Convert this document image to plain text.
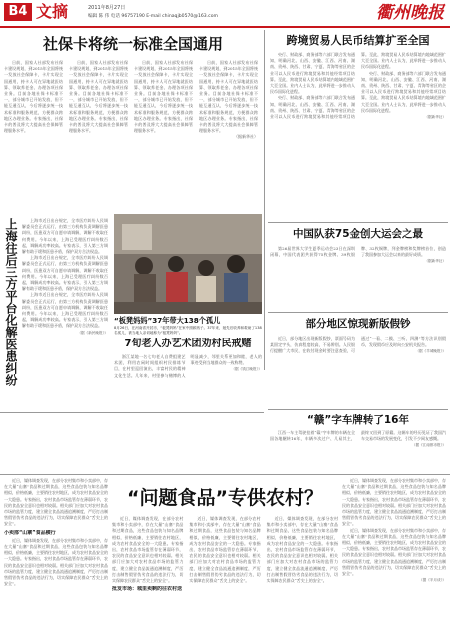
B4 文摘	2011年8月27日
编辑 陈 伟 电话 96757190 E-mail chinaqjb0570@163.com	衢州晚报
社保卡将统一标准全国通用

日前，国家人社部发布社保卡建设规划，到2015年全国将统一发放社会保障卡，卡片实现全国通用，持卡人可在异地就医结算、领取养老金、办理各项社保业务。目前各地社保卡标准不一，部分城市已开始发放，但不能互通互认，今后将逐步统一技术标准和服务规范，方便群众跨地区办理业务。专家指出，社保卡的普及将大大提高社会保障管理服务水平。

日前，国家人社部发布社保卡建设规划，到2015年全国将统一发放社会保障卡，卡片实现全国通用，持卡人可在异地就医结算、领取养老金、办理各项社保业务。目前各地社保卡标准不一，部分城市已开始发放，但不能互通互认，今后将逐步统一技术标准和服务规范，方便群众跨地区办理业务。专家指出，社保卡的普及将大大提高社会保障管理服务水平。

日前，国家人社部发布社保卡建设规划，到2015年全国将统一发放社会保障卡，卡片实现全国通用，持卡人可在异地就医结算、领取养老金、办理各项社保业务。目前各地社保卡标准不一，部分城市已开始发放，但不能互通互认，今后将逐步统一技术标准和服务规范，方便群众跨地区办理业务。专家指出，社保卡的普及将大大提高社会保障管理服务水平。

日前，国家人社部发布社保卡建设规划，到2015年全国将统一发放社会保障卡，卡片实现全国通用，持卡人可在异地就医结算、领取养老金、办理各项社保业务。目前各地社保卡标准不一，部分城市已开始发放，但不能互通互认，今后将逐步统一技术标准和服务规范，方便群众跨地区办理业务。专家指出，社保卡的普及将大大提高社会保障管理服务水平。

（据新华社）

跨境贸易人民币结算扩至全国

央行、财政部、商务部等六部门联合发布通知，明确河北、山西、安徽、江西、河南、湖南、贵州、陕西、甘肃、宁夏、青海等省区的企业可以人民币进行跨境贸易和其他经常项目结算。至此，跨境贸易人民币结算境内地域范围扩大至全国。业内人士认为，此举将进一步推动人民币国际化进程。

央行、财政部、商务部等六部门联合发布通知，明确河北、山西、安徽、江西、河南、湖南、贵州、陕西、甘肃、宁夏、青海等省区的企业可以人民币进行跨境贸易和其他经常项目结算。至此，跨境贸易人民币结算境内地域范围扩大至全国。业内人士认为，此举将进一步推动人民币国际化进程。

央行、财政部、商务部等六部门联合发布通知，明确河北、山西、安徽、江西、河南、湖南、贵州、陕西、甘肃、宁夏、青海等省区的企业可以人民币进行跨境贸易和其他经常项目结算。至此，跨境贸易人民币结算境内地域范围扩大至全国。业内人士认为，此举将进一步推动人民币国际化进程。

（据新华社）

上海往后三方平台化解医患纠纷	上海市近日出台规定，全市医疗纠纷人民调解委员会正式运行，由第三方机构负责调解医患纠纷，医患双方可自愿申请调解，调解不收取任何费用。今年以来，上海已受理医疗纠纷数百起，调解成功率较高。专家表示，引入第三方调解有助于缓和医患矛盾，保护双方合法权益。

上海市近日出台规定，全市医疗纠纷人民调解委员会正式运行，由第三方机构负责调解医患纠纷，医患双方可自愿申请调解，调解不收取任何费用。今年以来，上海已受理医疗纠纷数百起，调解成功率较高。专家表示，引入第三方调解有助于缓和医患矛盾，保护双方合法权益。

上海市近日出台规定，全市医疗纠纷人民调解委员会正式运行，由第三方机构负责调解医患纠纷，医患双方可自愿申请调解，调解不收取任何费用。今年以来，上海已受理医疗纠纷数百起，调解成功率较高。专家表示，引入第三方调解有助于缓和医患矛盾，保护双方合法权益。

（据《新民晚报》）

“板凳妈妈”37年带大138个孤儿
8月26日，在河南省开封市，“板凳妈妈”在家中照顾孩子。37年来，她先后收养和救助了138名孤儿，被当地人亲切地称为“板凳妈妈”。
7旬老人办艺术团劝村民戒赌

浙江某地一名七旬老人自费组建艺术团，利用农闲时间组织村民排练节目，在村里巡回演出，丰富村民的精神文化生活。几年来，村里参与赌博的人明显减少，邻里关系更加和睦，老人的事迹受到当地群众的一致称赞。

（据《钱江晚报》）

中国队获75金创大运会之最

第26届世界大学生夏季运动会23日在深圳闭幕，中国代表团共获得75枚金牌、39枚银牌、32枚铜牌，列金牌榜和奖牌榜首位，创造了我国参加大运会以来的最好成绩。

（据新华社）

部分地区惊现新版假钞

近日，部分地区出现新版假钞，票面号码为某固定字头，仿真程度较高，不易辨别。人民银行提醒广大市民，在收付现金时要注意查验，可通过“一看、二摸、三听、四测”等方法识别假币，发现假币应及时向公安机关报告。

（据《羊城晚报》）

“赣”字车牌转了16年

江西一车主驾驶挂着“赣”字车牌的车辆在全国各地辗转16年，车辆多次过户、几易其主，最终又回到了原籍。这辆车的经历见证了我国汽车交易市场的发展变化，引发不少网友感慨。

（据《江南都市报》）

“问题食品”专供农村？

近日，媒体调查发现，在部分农村集市和小卖部中，存在大量“山寨”食品和过期食品，这些食品包装与知名品牌相似，价格低廉，主要销往农村地区，成为农村食品安全的一大隐患。专家指出，农村食品市场监管存在薄弱环节，农民的食品安全意识也相对较弱。相关部门应加大对农村食品市场的监管力度，建立健全食品流通追溯制度，严厉打击制售假冒伪劣食品的违法行为，切实保障农民群众“舌尖上的安全”。

小卖部“山寨”食品横行

近日，媒体调查发现，在部分农村集市和小卖部中，存在大量“山寨”食品和过期食品，这些食品包装与知名品牌相似，价格低廉，主要销往农村地区，成为农村食品安全的一大隐患。专家指出，农村食品市场监管存在薄弱环节，农民的食品安全意识也相对较弱。相关部门应加大对农村食品市场的监管力度，建立健全食品流通追溯制度，严厉打击制售假冒伪劣食品的违法行为，切实保障农民群众“舌尖上的安全”。

近日，媒体调查发现，在部分农村集市和小卖部中，存在大量“山寨”食品和过期食品，这些食品包装与知名品牌相似，价格低廉，主要销往农村地区，成为农村食品安全的一大隐患。专家指出，农村食品市场监管存在薄弱环节，农民的食品安全意识也相对较弱。相关部门应加大对农村食品市场的监管力度，建立健全食品流通追溯制度，严厉打击制售假冒伪劣食品的违法行为，切实保障农民群众“舌尖上的安全”。

批发市场：城里卖剩的往农村送

近日，媒体调查发现，在部分农村集市和小卖部中，存在大量“山寨”食品和过期食品，这些食品包装与知名品牌相似，价格低廉，主要销往农村地区，成为农村食品安全的一大隐患。专家指出，农村食品市场监管存在薄弱环节，农民的食品安全意识也相对较弱。相关部门应加大对农村食品市场的监管力度，建立健全食品流通追溯制度，严厉打击制售假冒伪劣食品的违法行为，切实保障农民群众“舌尖上的安全”。

近日，媒体调查发现，在部分农村集市和小卖部中，存在大量“山寨”食品和过期食品，这些食品包装与知名品牌相似，价格低廉，主要销往农村地区，成为农村食品安全的一大隐患。专家指出，农村食品市场监管存在薄弱环节，农民的食品安全意识也相对较弱。相关部门应加大对农村食品市场的监管力度，建立健全食品流通追溯制度，严厉打击制售假冒伪劣食品的违法行为，切实保障农民群众“舌尖上的安全”。

近日，媒体调查发现，在部分农村集市和小卖部中，存在大量“山寨”食品和过期食品，这些食品包装与知名品牌相似，价格低廉，主要销往农村地区，成为农村食品安全的一大隐患。专家指出，农村食品市场监管存在薄弱环节，农民的食品安全意识也相对较弱。相关部门应加大对农村食品市场的监管力度，建立健全食品流通追溯制度，严厉打击制售假冒伪劣食品的违法行为，切实保障农民群众“舌尖上的安全”。

近日，媒体调查发现，在部分农村集市和小卖部中，存在大量“山寨”食品和过期食品，这些食品包装与知名品牌相似，价格低廉，主要销往农村地区，成为农村食品安全的一大隐患。专家指出，农村食品市场监管存在薄弱环节，农民的食品安全意识也相对较弱。相关部门应加大对农村食品市场的监管力度，建立健全食品流通追溯制度，严厉打击制售假冒伪劣食品的违法行为，切实保障农民群众“舌尖上的安全”。

（据《半月谈》）
